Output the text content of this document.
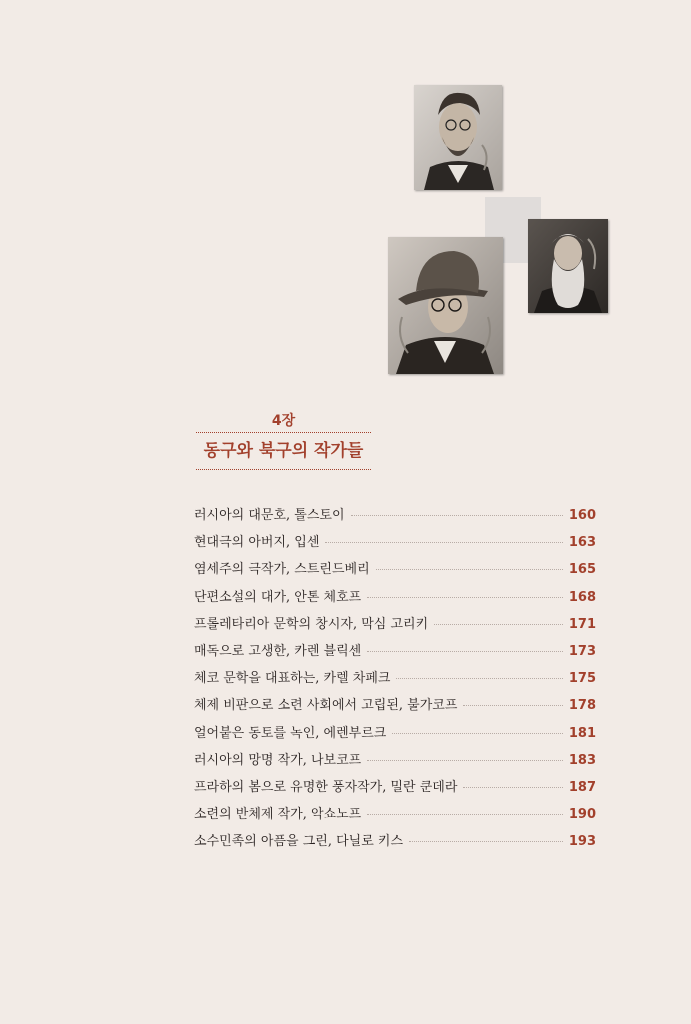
4장
동구와 북구의 작가들
러시아의 대문호, 톨스토이	160
현대극의 아버지, 입센	163
염세주의 극작가, 스트린드베리	165
단편소설의 대가, 안톤 체호프	168
프롤레타리아 문학의 창시자, 막심 고리키	171
매독으로 고생한, 카렌 블릭센	173
체코 문학을 대표하는, 카렐 차페크	175
체제 비판으로 소련 사회에서 고립된, 불가코프	178
얼어붙은 동토를 녹인, 에렌부르크	181
러시아의 망명 작가, 나보코프	183
프라하의 봄으로 유명한 풍자작가, 밀란 쿤데라	187
소련의 반체제 작가, 악쇼노프	190
소수민족의 아픔을 그린, 다닐로 키스	193
